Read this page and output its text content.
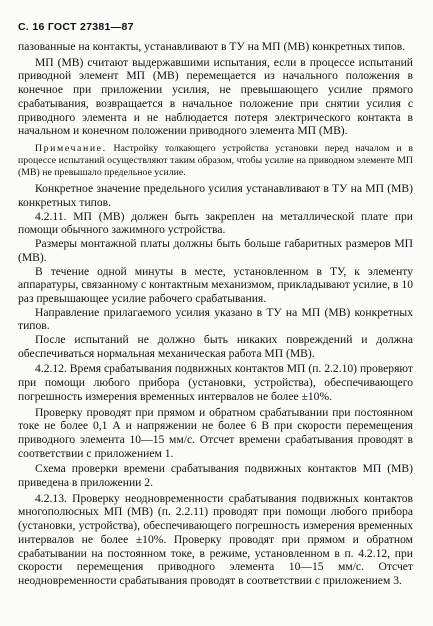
С. 16 ГОСТ 27381—87

пазованные на контакты, устанавливают в ТУ на МП (МВ) конкретных типов.

МП (МВ) считают выдержавшими испытания, если в процессе испытаний приводной элемент МП (МВ) перемещается из начального положения в конечное при приложении усилия, не превышающего усилие прямого срабатывания, возвращается в начальное положение при снятии усилия с приводного элемента и не наблюдается потеря электрического контакта в начальном и конечном положении приводного элемента МП (МВ).

Примечание. Настройку толкающего устройства установки перед началом и в процессе испытаний осуществляют таким образом, чтобы усилие на приводном элементе МП (МВ) не превышало предельное усилие.

Конкретное значение предельного усилия устанавливают в ТУ на МП (МВ) конкретных типов.

4.2.11. МП (МВ) должен быть закреплен на металлической плате при помощи обычного зажимного устройства.

Размеры монтажной платы должны быть больше габаритных размеров МП (МВ).

В течение одной минуты в месте, установленном в ТУ, к элементу аппаратуры, связанному с контактным механизмом, прикладывают усилие, в 10 раз превышающее усилие рабочего срабатывания.

Направление прилагаемого усилия указано в ТУ на МП (МВ) конкретных типов.

После испытаний не должно быть никаких повреждений и должна обеспечиваться нормальная механическая работа МП (МВ).

4.2.12. Время срабатывания подвижных контактов МП (п. 2.2.10) проверяют при помощи любого прибора (установки, устройства), обеспечивающего погрешность измерения временных интервалов не более ±10%.

Проверку проводят при прямом и обратном срабатывании при постоянном токе не более 0,1 А и напряжении не более 6 В при скорости перемещения приводного элемента 10—15 мм/с. Отсчет времени срабатывания проводят в соответствии с приложением 1.

Схема проверки времени срабатывания подвижных контактов МП (МВ) приведена в приложении 2.

4.2.13. Проверку неодновременности срабатывания подвижных контактов многополюсных МП (МВ) (п. 2.2.11) проводят при помощи любого прибора (установки, устройства), обеспечивающего погрешность измерения временных интервалов не более ±10%. Проверку проводят при прямом и обратном срабатывании на постоянном токе, в режиме, установленном в п. 4.2.12, при скорости перемещения приводного элемента 10—15 мм/с. Отсчет неодновременности срабатывания проводят в соответствии с приложением 3.
